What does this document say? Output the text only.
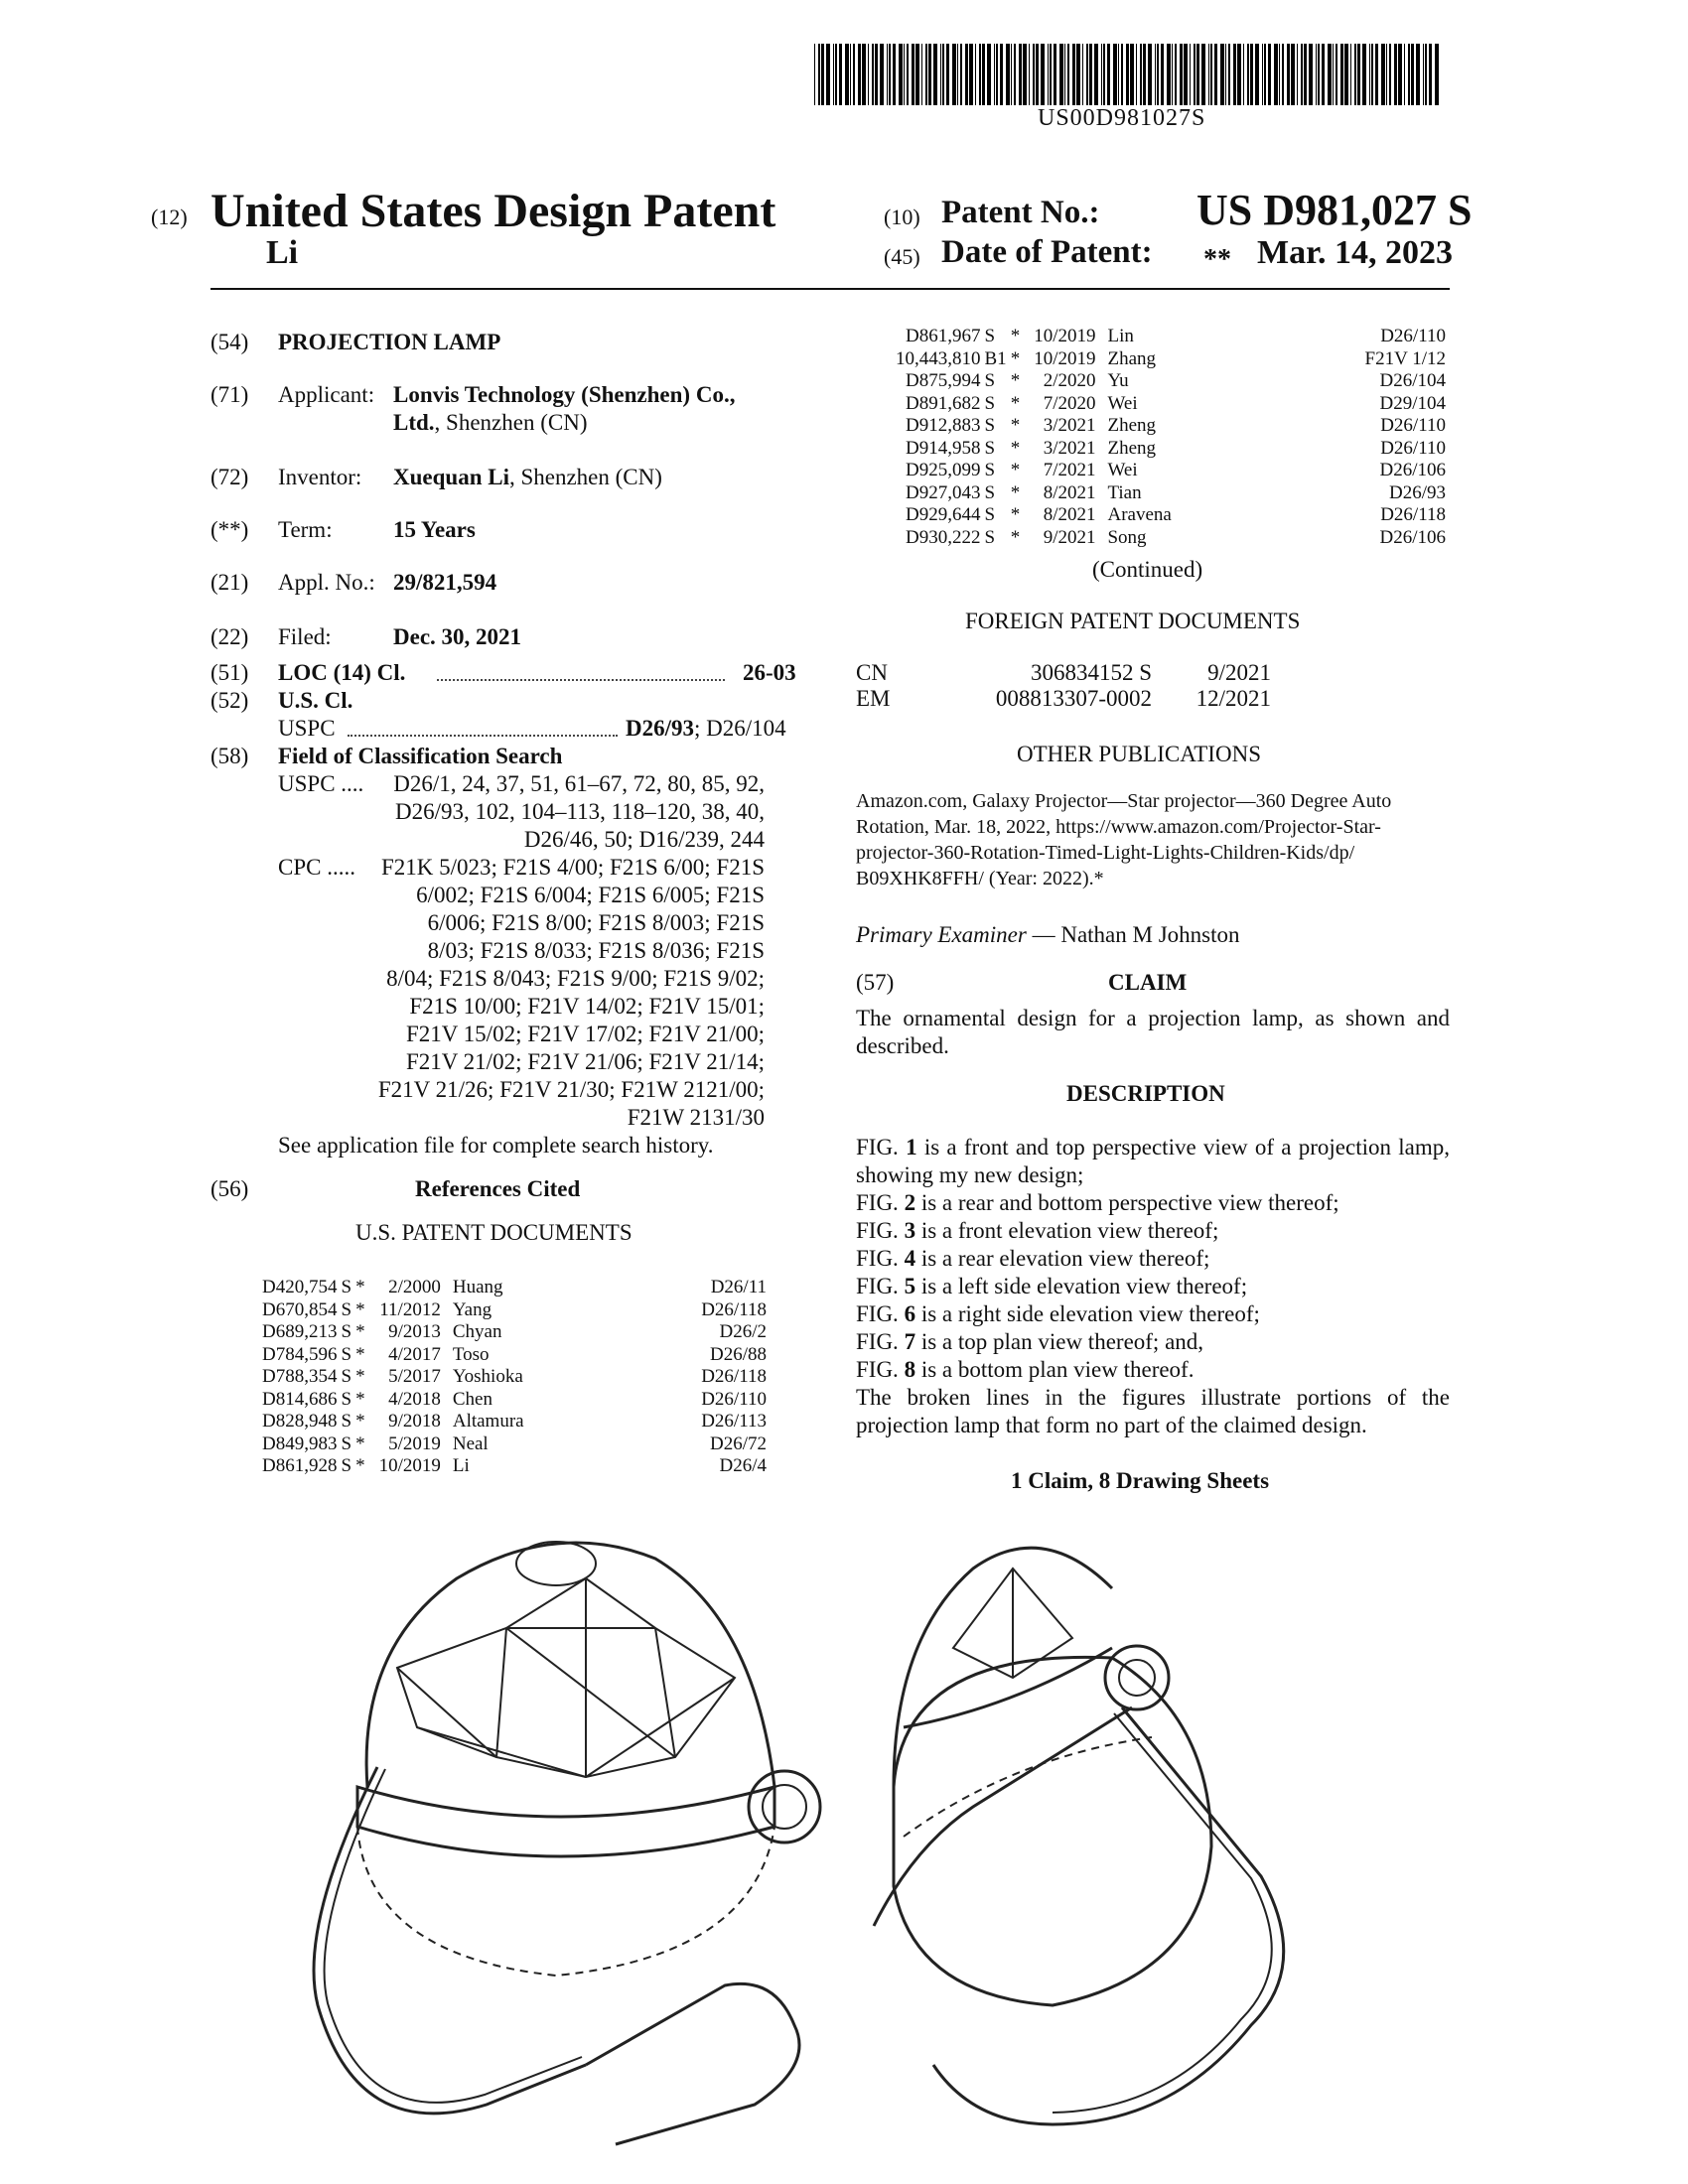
US00D981027S
(12) United States Design Patent
Li
(10) Patent No.: US D981,027 S
(45) Date of Patent: ** Mar. 14, 2023
(54) PROJECTION LAMP
(71) Applicant: Lonvis Technology (Shenzhen) Co.,
Ltd., Shenzhen (CN)
(72) Inventor: Xuequan Li, Shenzhen (CN)
(**) Term:	15 Years
(21) Appl. No.: 29/821,594
(22) Filed:	Dec. 30, 2021
(51) LOC (14) Cl.	26-03
(52) U.S. Cl.
USPC	D26/93; D26/104
(58) Field of Classification Search
USPC ....	D26/1, 24, 37, 51, 61–67, 72, 80, 85, 92,
D26/93, 102, 104–113, 118–120, 38, 40,
D26/46, 50; D16/239, 244
CPC .....	F21K 5/023; F21S 4/00; F21S 6/00; F21S
6/002; F21S 6/004; F21S 6/005; F21S
6/006; F21S 8/00; F21S 8/003; F21S
8/03; F21S 8/033; F21S 8/036; F21S
8/04; F21S 8/043; F21S 9/00; F21S 9/02;
F21S 10/00; F21V 14/02; F21V 15/01;
F21V 15/02; F21V 17/02; F21V 21/00;
F21V 21/02; F21V 21/06; F21V 21/14;
F21V 21/26; F21V 21/30; F21W 2121/00;
F21W 2131/30
See application file for complete search history.
(56)	References Cited
U.S. PATENT DOCUMENTS
D420,754	S	*	2/2000	Huang	D26/11
D670,854	S	*	11/2012	Yang	D26/118
D689,213	S	*	9/2013	Chyan	D26/2
D784,596	S	*	4/2017	Toso	D26/88
D788,354	S	*	5/2017	Yoshioka	D26/118
D814,686	S	*	4/2018	Chen	D26/110
D828,948	S	*	9/2018	Altamura	D26/113
D849,983	S	*	5/2019	Neal	D26/72
D861,928	S	*	10/2019	Li	D26/4
D861,967	S	*	10/2019	Lin	D26/110
10,443,810	B1	*	10/2019	Zhang	F21V 1/12
D875,994	S	*	2/2020	Yu	D26/104
D891,682	S	*	7/2020	Wei	D29/104
D912,883	S	*	3/2021	Zheng	D26/110
D914,958	S	*	3/2021	Zheng	D26/110
D925,099	S	*	7/2021	Wei	D26/106
D927,043	S	*	8/2021	Tian	D26/93
D929,644	S	*	8/2021	Aravena	D26/118
D930,222	S	*	9/2021	Song	D26/106
(Continued)
FOREIGN PATENT DOCUMENTS
CN	306834152 S 9/2021
EM	008813307-0002 12/2021
OTHER PUBLICATIONS
Amazon.com, Galaxy Projector—Star projector—360 Degree Auto
Rotation, Mar. 18, 2022, https://www.amazon.com/Projector-Star-
projector-360-Rotation-Timed-Light-Lights-Children-Kids/dp/
B09XHK8FFH/ (Year: 2022).*
Primary Examiner — Nathan M Johnston
(57)	CLAIM
The ornamental design for a projection lamp, as shown and described.
DESCRIPTION

FIG. 1 is a front and top perspective view of a projection lamp, showing my new design;

FIG. 2 is a rear and bottom perspective view thereof;

FIG. 3 is a front elevation view thereof;

FIG. 4 is a rear elevation view thereof;

FIG. 5 is a left side elevation view thereof;

FIG. 6 is a right side elevation view thereof;

FIG. 7 is a top plan view thereof; and,

FIG. 8 is a bottom plan view thereof.

The broken lines in the figures illustrate portions of the projection lamp that form no part of the claimed design.

1 Claim, 8 Drawing Sheets
